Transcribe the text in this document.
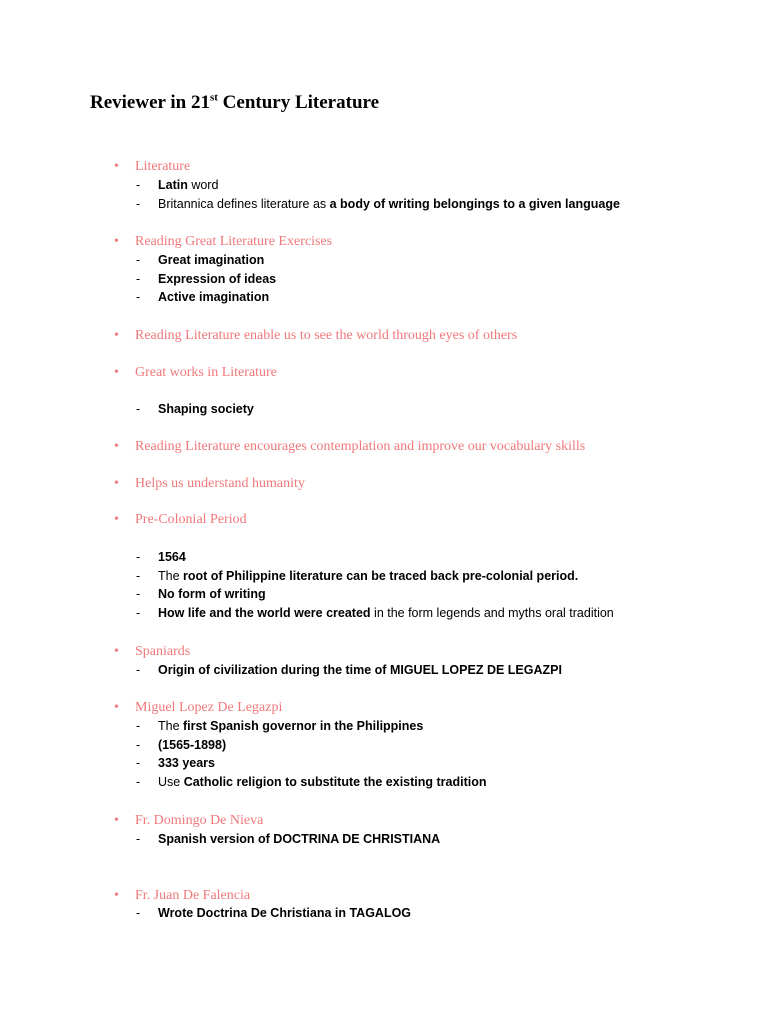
Reviewer in 21st Century Literature
• Literature
- Latin word
- Britannica defines literature as a body of writing belongings to a given language
• Reading Great Literature Exercises
- Great imagination
- Expression of ideas
- Active imagination
• Reading Literature enable us to see the world through eyes of others
• Great works in Literature
- Shaping society
• Reading Literature encourages contemplation and improve our vocabulary skills
• Helps us understand humanity
• Pre-Colonial Period
- 1564
- The root of Philippine literature can be traced back pre-colonial period.
- No form of writing
- How life and the world were created in the form legends and myths oral tradition
• Spaniards
- Origin of civilization during the time of MIGUEL LOPEZ DE LEGAZPI
• Miguel Lopez De Legazpi
- The first Spanish governor in the Philippines
- (1565-1898)
- 333 years
- Use Catholic religion to substitute the existing tradition
• Fr. Domingo De Nieva
- Spanish version of DOCTRINA DE CHRISTIANA
• Fr. Juan De Falencia
- Wrote Doctrina De Christiana in TAGALOG
